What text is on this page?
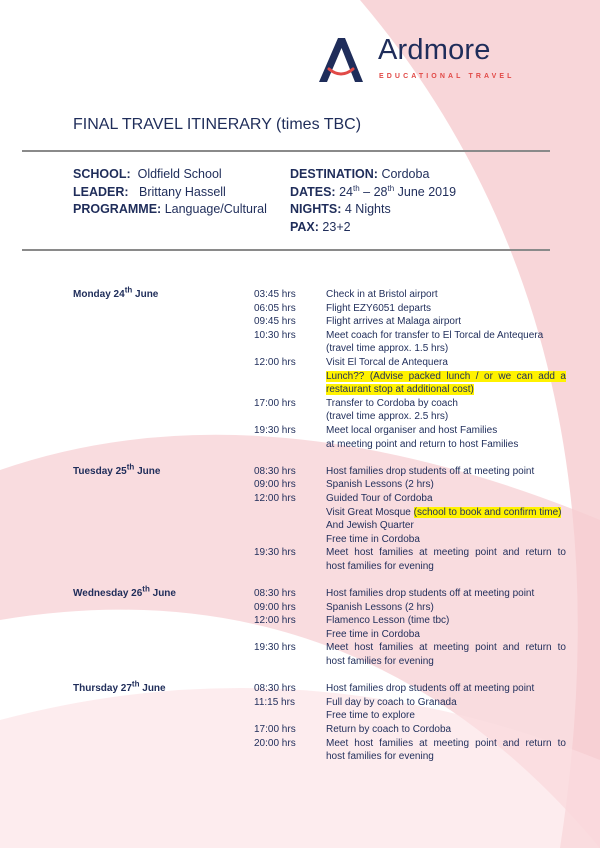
Ardmore
EDUCATIONAL TRAVEL
FINAL TRAVEL ITINERARY (times TBC)
SCHOOL: Oldfield School
LEADER: Brittany Hassell
PROGRAMME: Language/Cultural
DESTINATION: Cordoba
DATES: 24th – 28th June 2019
NIGHTS: 4 Nights
PAX: 23+2
Monday 24th June	03:45 hrs	Check in at Bristol airport
06:05 hrs	Flight EZY6051 departs
09:45 hrs	Flight arrives at Malaga airport
10:30 hrs	Meet coach for transfer to El Torcal de Antequera
(travel time approx. 1.5 hrs)
12:00 hrs	Visit El Torcal de Antequera
Lunch?? (Advise packed lunch / or we can add a
restaurant stop at additional cost)
17:00 hrs	Transfer to Cordoba by coach
(travel time approx. 2.5 hrs)
19:30 hrs	Meet local organiser and host Families
at meeting point and return to host Families
Tuesday 25th June	08:30 hrs	Host families drop students off at meeting point
09:00 hrs	Spanish Lessons (2 hrs)
12:00 hrs	Guided Tour of Cordoba
Visit Great Mosque (school to book and confirm time)
And Jewish Quarter
Free time in Cordoba
19:30 hrs	Meet host families at meeting point and return to
host families for evening
Wednesday 26th June	08:30 hrs	Host families drop students off at meeting point
09:00 hrs	Spanish Lessons (2 hrs)
12:00 hrs	Flamenco Lesson (time tbc)
Free time in Cordoba
19:30 hrs	Meet host families at meeting point and return to
host families for evening
Thursday 27th June	08:30 hrs	Host families drop students off at meeting point
11:15 hrs	Full day by coach to Granada
Free time to explore
17:00 hrs	Return by coach to Cordoba
20:00 hrs	Meet host families at meeting point and return to
host families for evening
